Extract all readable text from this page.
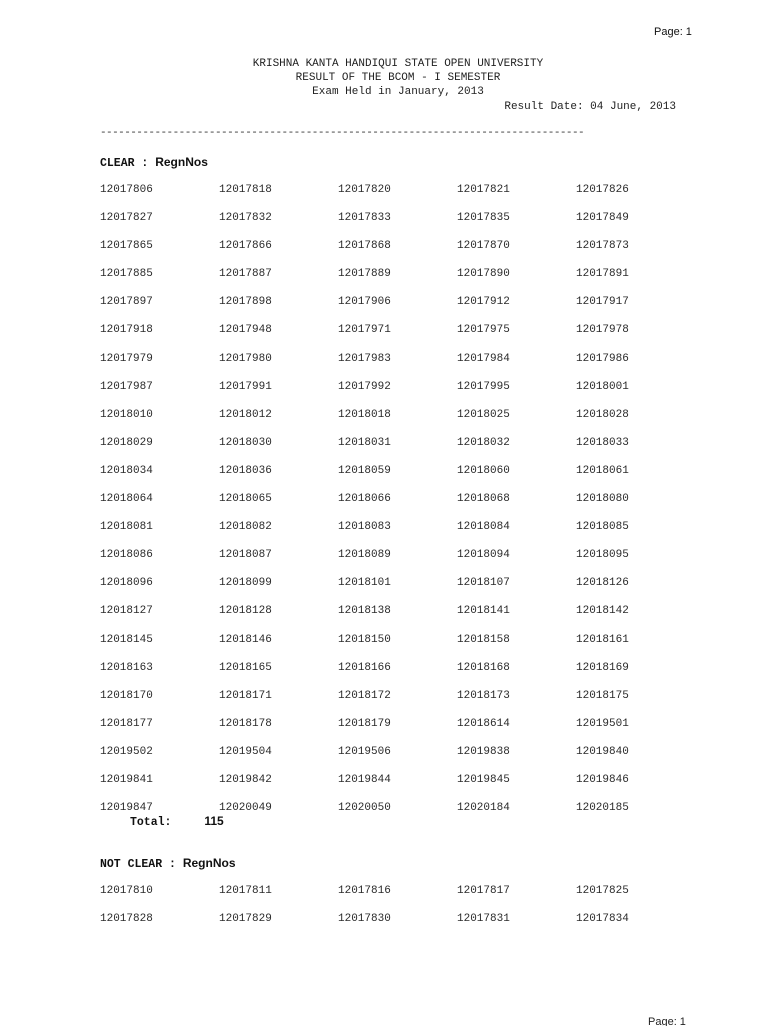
Page: 1
KRISHNA KANTA HANDIQUI STATE OPEN UNIVERSITY
RESULT OF THE BCOM - I SEMESTER
Exam Held in January, 2013
Result Date: 04 June, 2013
--------------------------------------------------------------------------------
CLEAR : RegnNos
12017806	12017818	12017820	12017821	12017826
12017827	12017832	12017833	12017835	12017849
12017865	12017866	12017868	12017870	12017873
12017885	12017887	12017889	12017890	12017891
12017897	12017898	12017906	12017912	12017917
12017918	12017948	12017971	12017975	12017978
12017979	12017980	12017983	12017984	12017986
12017987	12017991	12017992	12017995	12018001
12018010	12018012	12018018	12018025	12018028
12018029	12018030	12018031	12018032	12018033
12018034	12018036	12018059	12018060	12018061
12018064	12018065	12018066	12018068	12018080
12018081	12018082	12018083	12018084	12018085
12018086	12018087	12018089	12018094	12018095
12018096	12018099	12018101	12018107	12018126
12018127	12018128	12018138	12018141	12018142
12018145	12018146	12018150	12018158	12018161
12018163	12018165	12018166	12018168	12018169
12018170	12018171	12018172	12018173	12018175
12018177	12018178	12018179	12018614	12019501
12019502	12019504	12019506	12019838	12019840
12019841	12019842	12019844	12019845	12019846
12019847	12020049	12020050	12020184	12020185
Total:	115
NOT CLEAR : RegnNos
12017810	12017811	12017816	12017817	12017825
12017828	12017829	12017830	12017831	12017834
Page: 1
